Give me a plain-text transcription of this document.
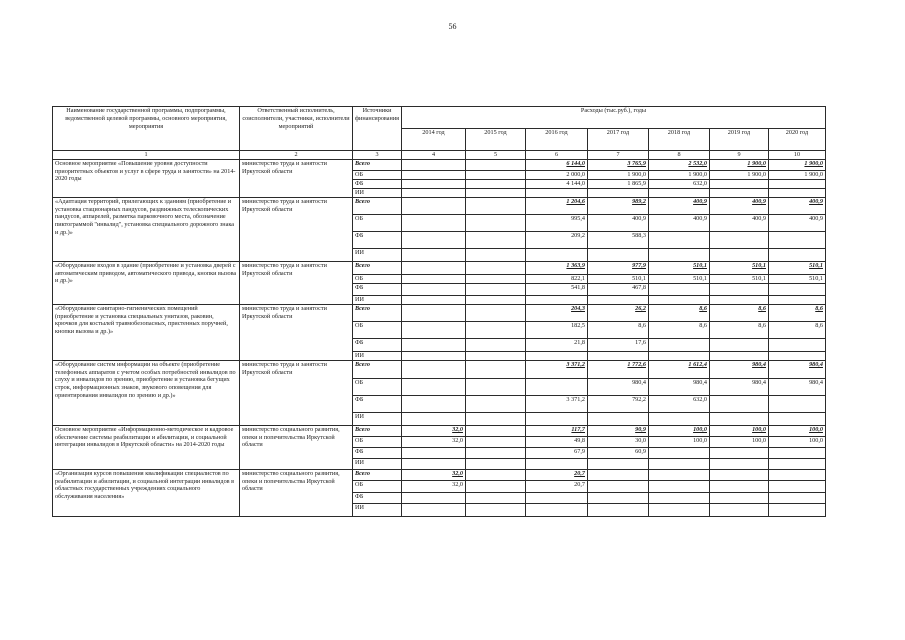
56
Наименование государственной программы, подпрограммы, ведомственной целевой программы, основного мероприятия, мероприятия	Ответственный исполнитель, соисполнители, участники, исполнители мероприятий	Источники финансирования	Расходы (тыс.руб.), годы						
			2014 год	2015 год	2016 год	2017 год	2018 год	2019 год	2020 год
1	2	3	4	5	6	7	8	9	10
Основное мероприятие «Повышение уровня доступности приоритетных объектов и услуг в сфере труда и занятости» на 2014-2020 годы	министерство труда и занятости Иркутской области	Всего			6 144,0	3 765,9	2 532,0	1 900,0	1 900,0
		ОБ			2 000,0	1 900,0	1 900,0	1 900,0	1 900,0
		ФБ			4 144,0	1 865,9	632,0		
		ИИ							
«Адаптация территорий, прилегающих к зданиям (приобретение и установка стационарных пандусов, раздвижных телескопических пандусов, аппарелей, разметка парковочного места, обозначение пиктограммой "инвалид", установка специального дорожного знака и др.)»	министерство труда и занятости Иркутской области	Всего			1 204,6	989,2	400,9	400,9	400,9
		ОБ			995,4	400,9	400,9	400,9	400,9
		ФБ			209,2	588,3			
		ИИ							
«Оборудование входов в здание (приобретение и установка дверей с автоматическим приводом, автоматического привода, кнопки вызова и др.)»	министерство труда и занятости Иркутской области	Всего			1 363,9	977,9	510,1	510,1	510,1
		ОБ			822,1	510,1	510,1	510,1	510,1
		ФБ			541,8	467,8			
		ИИ							
«Оборудование санитарно-гигиенических помещений (приобретение и установка специальных унитазов, раковин, крючков для костылей травмобезопасных, пристенных поручней, кнопки вызова и др.)»	министерство труда и занятости Иркутской области	Всего			204,3	26,2	8,6	8,6	8,6
		ОБ			182,5	8,6	8,6	8,6	8,6
		ФБ			21,8	17,6			
		ИИ							
«Оборудование систем информации на объекте (приобретение телефонных аппаратов с учетом особых потребностей инвалидов по слуху и инвалидов по зрению, приобретение и установка бегущих строк, информационных знаков, звукового оповещения для ориентирования инвалидов по зрению и др.)»	министерство труда и занятости Иркутской области	Всего			3 371,2	1 772,6	1 612,4	980,4	980,4
		ОБ				980,4	980,4	980,4	980,4
		ФБ			3 371,2	792,2	632,0		
		ИИ							
Основное мероприятие «Информационно-методическое и кадровое обеспечение системы реабилитации и абилитации, и социальной интеграции инвалидов в Иркутской области» на 2014-2020 годы	министерство социального развития, опеки и попечительства Иркутской области	Всего	32,0		117,7	90,9	100,0	100,0	100,0
		ОБ	32,0		49,8	30,0	100,0	100,0	100,0
		ФБ			67,9	60,9			
		ИИ							
«Организация курсов повышения квалификации специалистов по реабилитации и абилитации, и социальной интеграции инвалидов в областных государственных учреждениях социального обслуживания населения»	министерство социального развития, опеки и попечительства Иркутской области	Всего	32,0		20,7				
		ОБ	32,0		20,7				
		ФБ							
		ИИ							
